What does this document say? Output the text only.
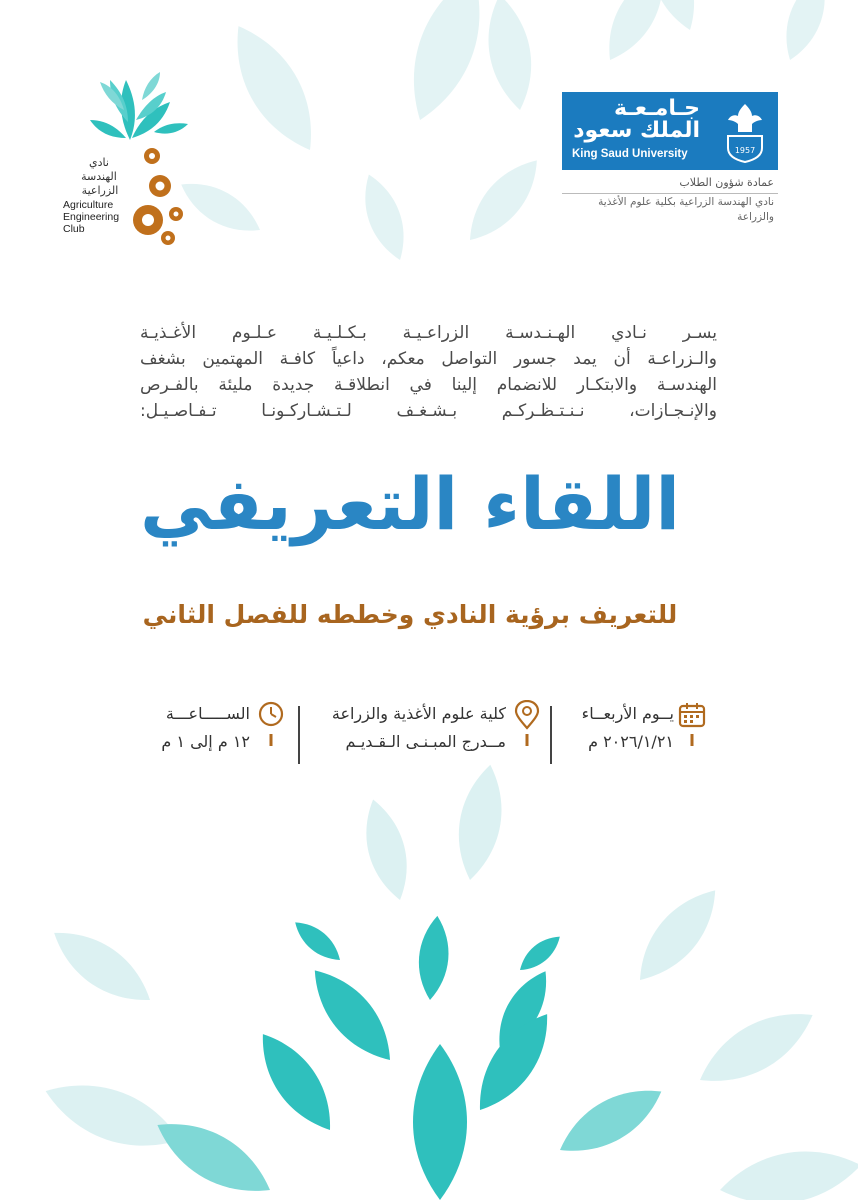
جـامـعـة
الملك سعود
King Saud University	1957
عمادة شؤون الطلاب
نادي الهندسة الزراعية بكلية علوم الأغذية
والزراعة
نادي
الهندسة
الزراعية
Agriculture
Engineering
Club
يسـر نـادي الهـنـدسـة الزراعـيـة بـكـلـيـة عـلـوم الأغـذيـة
والـزراعـة أن يمد جسور التواصل معكم، داعياً كافـة المهتمين بشغف
الهندسـة والابتكـار للانضمام إلينا في انطلاقـة جديدة مليئة بالفـرص
والإنـجـازات، نـنـتـظـركـم بـشـغـف لـتـشـاركـونـا تـفـاصـيـل:
اللقاء التعريفي
للتعريف برؤية النادي وخططه للفصل الثاني
يــوم الأربعــاء
٢٠٢٦/١/٢١ م
كلية علوم الأغذية والزراعة
مــدرج المبـنـى الـقـديـم
الســـــاعـــة
١٢ م إلى ١ م
